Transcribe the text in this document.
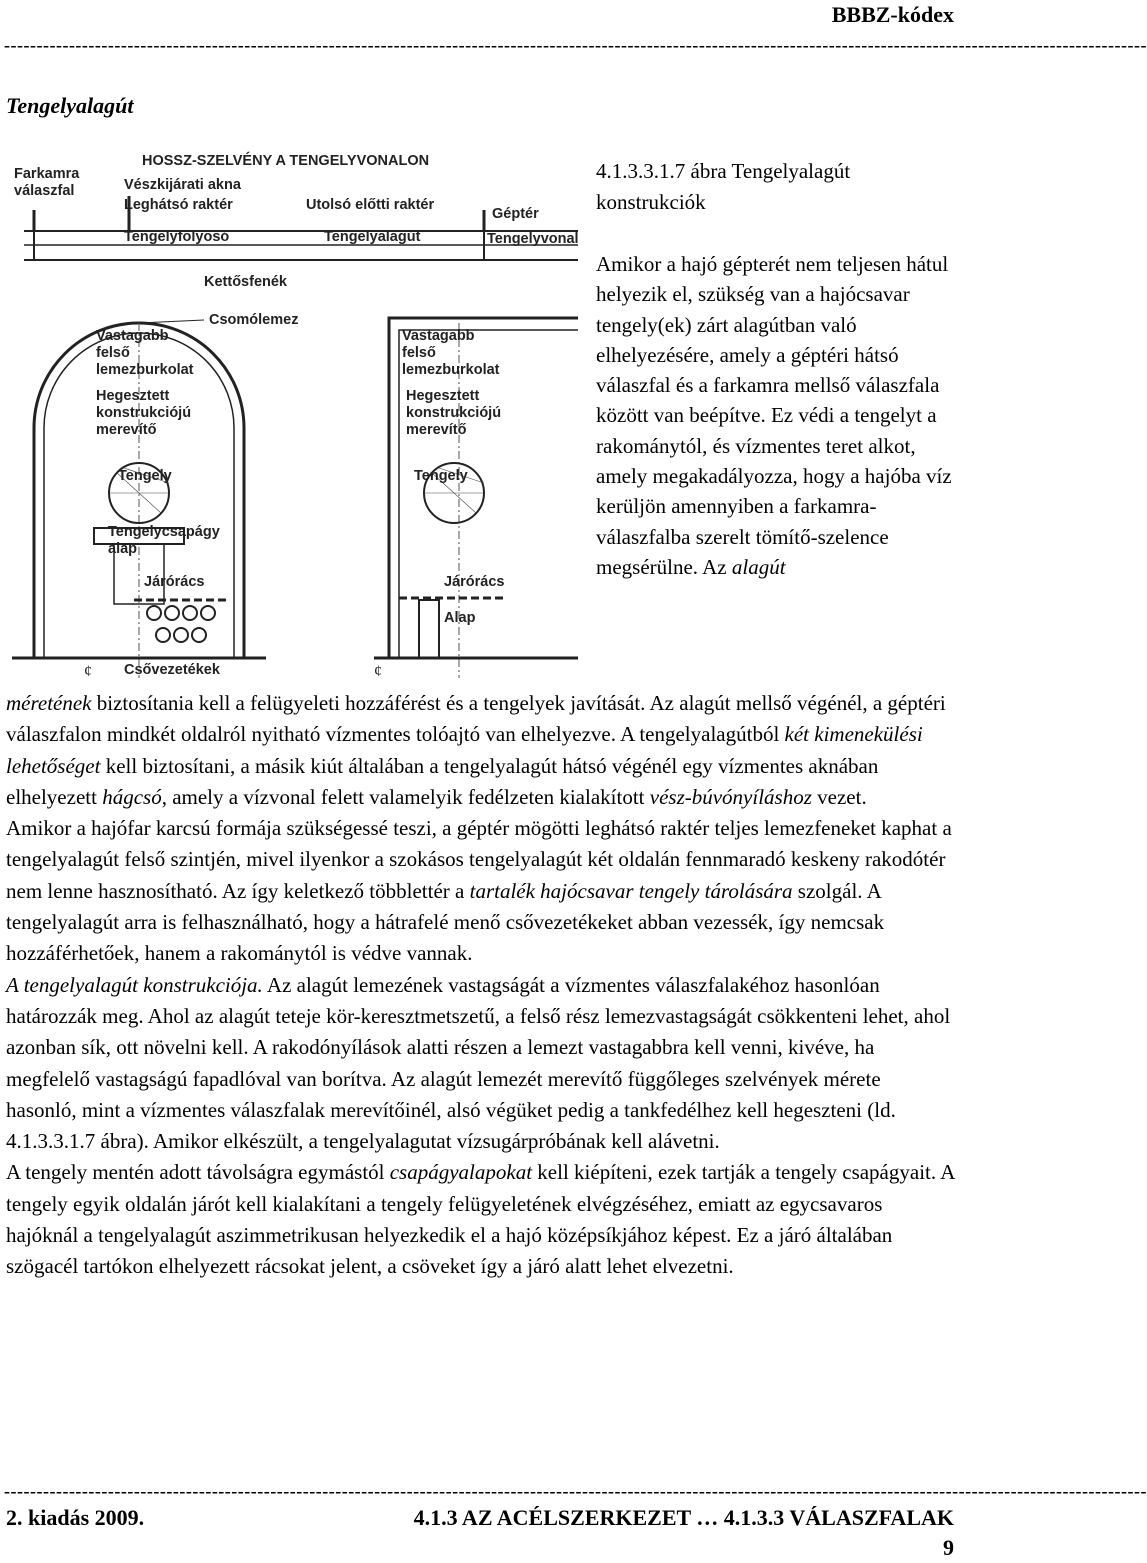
BBBZ-kódex
--------------------------------------------------------------------------------------------------------------------------------------------------------------------------------
Tengelyalagút
HOSSZ-SZELVÉNY A TENGELYVONALON
Farkamra
válaszfal	Vészkijárati akna
Leghátsó raktér	Utolsó előtti raktér
Géptér
Tengelyfolyosó	Tengelyalagút	Tengelyvonal
Kettősfenék
Csomólemez
Vastagabb
felső
lemezburkolat
Hegesztett
konstrukciójú
merevítő
Tengely
Tengelycsapágy
alap
Járórács
ȼ Csővezetékek
Vastagabb
felső
lemezburkolat
Hegesztett
konstrukciójú
merevítő
Tengely
Járórács
Alap
ȼ
4.1.3.3.1.7 ábra Tengelyalagút konstrukciók
Amikor a hajó gépterét nem teljesen hátul helyezik el, szükség van a hajócsavar tengely(ek) zárt alagútban való elhelyezésére, amely a géptéri hátsó válaszfal és a farkamra mellső válaszfala között van beépítve. Ez védi a tengelyt a rakománytól, és vízmentes teret alkot, amely megakadályozza, hogy a hajóba víz kerüljön amennyiben a farkamra-válaszfalba szerelt tömítő-szelence megsérülne. Az alagút

méretének biztosítania kell a felügyeleti hozzáférést és a tengelyek javítását. Az alagút mellső végénél, a géptéri válaszfalon mindkét oldalról nyitható vízmentes tolóajtó van elhelyezve. A tengelyalagútból két kimenekülési lehetőséget kell biztosítani, a másik kiút általában a tengelyalagút hátsó végénél egy vízmentes aknában elhelyezett hágcsó, amely a vízvonal felett valamelyik fedélzeten kialakított vész-búvónyíláshoz vezet.

Amikor a hajófar karcsú formája szükségessé teszi, a géptér mögötti leghátsó raktér teljes lemezfeneket kaphat a tengelyalagút felső szintjén, mivel ilyenkor a szokásos tengelyalagút két oldalán fennmaradó keskeny rakodótér nem lenne hasznosítható. Az így keletkező többlettér a tartalék hajócsavar tengely tárolására szolgál. A tengelyalagút arra is felhasználható, hogy a hátrafelé menő csővezetékeket abban vezessék, így nemcsak hozzáférhetőek, hanem a rakománytól is védve vannak.

A tengelyalagút konstrukciója. Az alagút lemezének vastagságát a vízmentes válaszfalakéhoz hasonlóan határozzák meg. Ahol az alagút teteje kör-keresztmetszetű, a felső rész lemezvastagságát csökkenteni lehet, ahol azonban sík, ott növelni kell. A rakodónyílások alatti részen a lemezt vastagabbra kell venni, kivéve, ha megfelelő vastagságú fapadlóval van borítva. Az alagút lemezét merevítő függőleges szelvények mérete hasonló, mint a vízmentes válaszfalak merevítőinél, alsó végüket pedig a tankfedélhez kell hegeszteni (ld. 4.1.3.3.1.7 ábra). Amikor elkészült, a tengelyalagutat vízsugárpróbának kell alávetni.

A tengely mentén adott távolságra egymástól csapágyalapokat kell kiépíteni, ezek tartják a tengely csapágyait. A tengely egyik oldalán járót kell kialakítani a tengely felügyeletének elvégzéséhez, emiatt az egycsavaros hajóknál a tengelyalagút aszimmetrikusan helyezkedik el a hajó középsíkjához képest. Ez a járó általában szögacél tartókon elhelyezett rácsokat jelent, a csöveket így a járó alatt lehet elvezetni.

--------------------------------------------------------------------------------------------------------------------------------------------------------------------------------
2. kiadás 2009.	4.1.3 AZ ACÉLSZERKEZET … 4.1.3.3 VÁLASZFALAK
9
